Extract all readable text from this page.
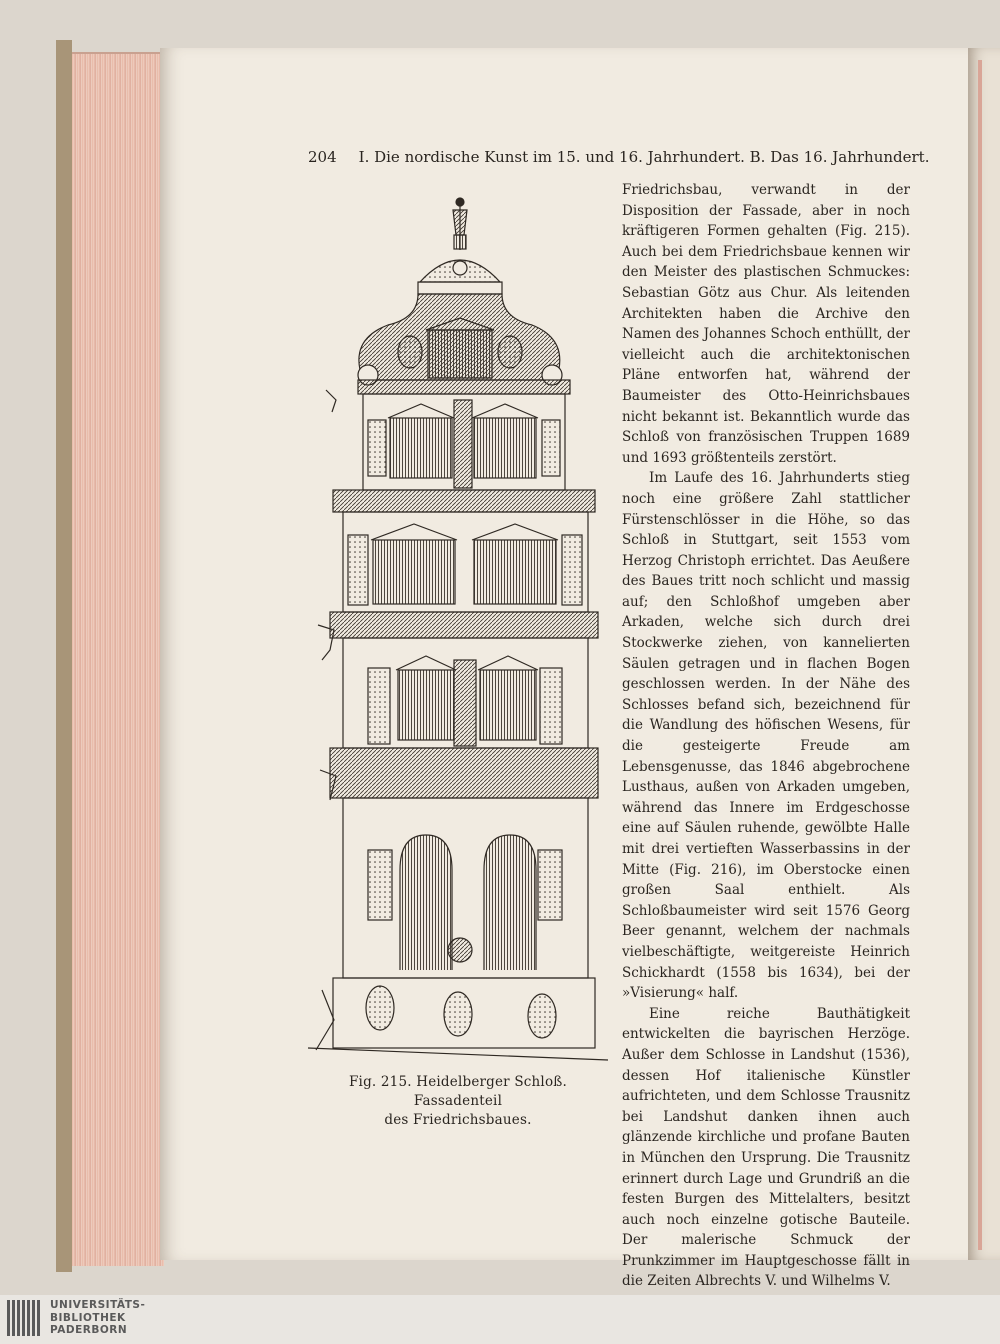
204 I. Die nordische Kunst im 15. und 16. Jahrhundert. B. Das 16. Jahrhundert.
Fig. 215. Heidelberger Schloß. Fassadenteil
des Friedrichsbaues.

Friedrichsbau, verwandt in der Disposition der Fassade, aber in noch kräftigeren Formen gehalten (Fig. 215). Auch bei dem Friedrichsbaue kennen wir den Meister des plastischen Schmuckes: Sebastian Götz aus Chur. Als leitenden Architekten haben die Archive den Namen des Johannes Schoch enthüllt, der vielleicht auch die architektonischen Pläne entworfen hat, während der Baumeister des Otto-Heinrichsbaues nicht bekannt ist. Bekanntlich wurde das Schloß von französischen Truppen 1689 und 1693 größtenteils zerstört.

Im Laufe des 16. Jahrhunderts stieg noch eine größere Zahl stattlicher Fürstenschlösser in die Höhe, so das Schloß in Stuttgart, seit 1553 vom Herzog Christoph errichtet. Das Aeußere des Baues tritt noch schlicht und massig auf; den Schloßhof umgeben aber Arkaden, welche sich durch drei Stockwerke ziehen, von kannelierten Säulen getragen und in flachen Bogen geschlossen werden. In der Nähe des Schlosses befand sich, bezeichnend für die Wandlung des höfischen Wesens, für die gesteigerte Freude am Lebensgenusse, das 1846 abgebrochene Lusthaus, außen von Arkaden umgeben, während das Innere im Erdgeschosse eine auf Säulen ruhende, gewölbte Halle mit drei vertieften Wasserbassins in der Mitte (Fig. 216), im Oberstocke einen großen Saal enthielt. Als Schloßbaumeister wird seit 1576 Georg Beer genannt, welchem der nachmals vielbeschäftigte, weitgereiste Heinrich Schickhardt (1558 bis 1634), bei der »Visierung« half.

Eine reiche Bauthätigkeit entwickelten die bayrischen Herzöge. Außer dem Schlosse in Landshut (1536), dessen Hof italienische Künstler aufrichteten, und dem Schlosse Trausnitz bei Landshut danken ihnen auch glänzende kirchliche und profane Bauten in München den Ursprung. Die Trausnitz erinnert durch Lage und Grundriß an die festen Burgen des Mittelalters, besitzt auch noch einzelne gotische Bauteile. Der malerische Schmuck der Prunkzimmer im Hauptgeschosse fällt in die Zeiten Albrechts V. und Wilhelms V.

UNIVERSITÄTS-
BIBLIOTHEK
PADERBORN
